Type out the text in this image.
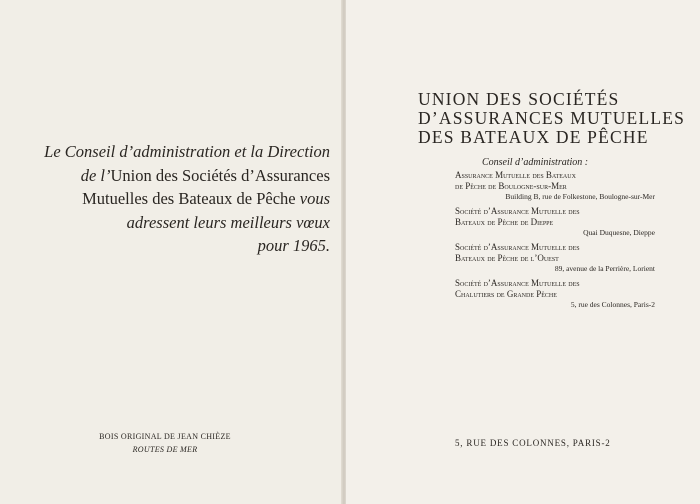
Le Conseil d’administration et la Direction
de l’Union des Sociétés d’Assurances
Mutuelles des Bateaux de Pêche vous
adressent leurs meilleurs vœux
pour 1965.
BOIS ORIGINAL DE JEAN CHIÈZE
ROUTES DE MER
UNION DES SOCIÉTÉS
D’ASSURANCES MUTUELLES
DES BATEAUX DE PÊCHE
Conseil d’administration :
Assurance Mutuelle des Bateaux
de Pêche de Boulogne-sur-Mer
Building B, rue de Folkestone, Boulogne-sur-Mer
Société d’Assurance Mutuelle des
Bateaux de Pêche de Dieppe
Quai Duquesne, Dieppe
Société d’Assurance Mutuelle des
Bateaux de Pêche de l’Ouest
89, avenue de la Perrière, Lorient
Société d’Assurance Mutuelle des
Chalutiers de Grande Pêche
5, rue des Colonnes, Paris-2
5, RUE DES COLONNES, PARIS-2
